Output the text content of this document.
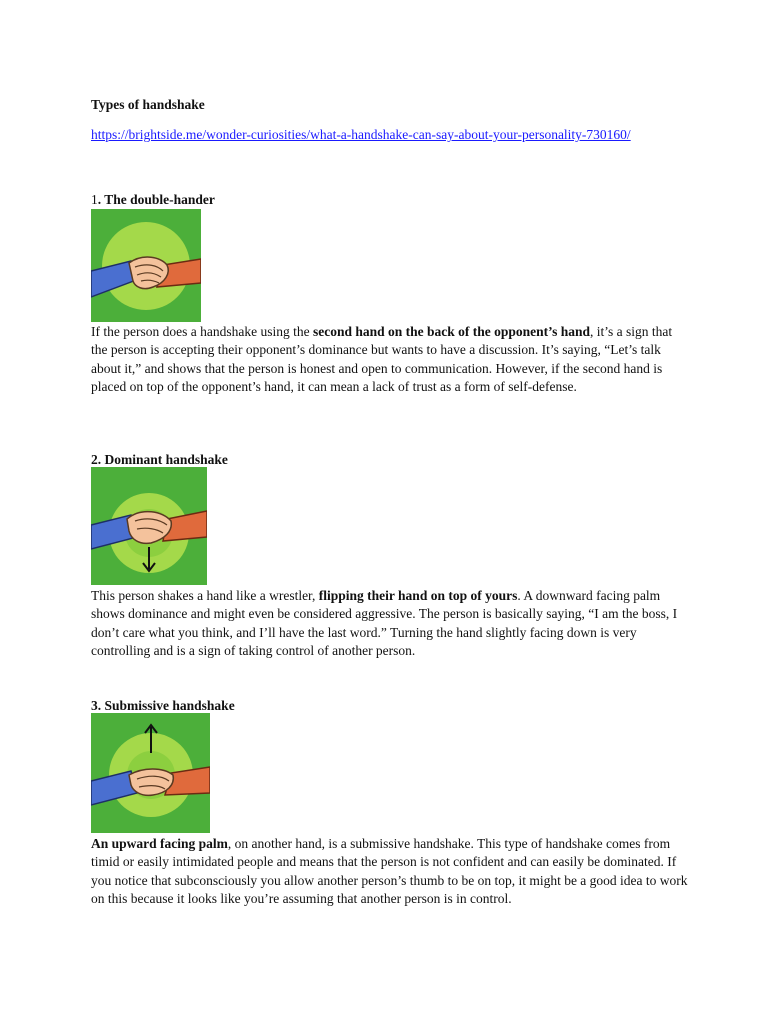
Types of handshake
https://brightside.me/wonder-curiosities/what-a-handshake-can-say-about-your-personality-730160/
1. The double-hander

If the person does a handshake using the second hand on the back of the opponent’s hand, it’s a sign that the person is accepting their opponent’s dominance but wants to have a discussion. It’s saying, “Let’s talk about it,” and shows that the person is honest and open to communication. However, if the second hand is placed on top of the opponent’s hand, it can mean a lack of trust as a form of self-defense.

2. Dominant handshake

This person shakes a hand like a wrestler, flipping their hand on top of yours. A downward facing palm shows dominance and might even be considered aggressive. The person is basically saying, “I am the boss, I don’t care what you think, and I’ll have the last word.” Turning the hand slightly facing down is very controlling and is a sign of taking control of another person.

3. Submissive handshake

An upward facing palm, on another hand, is a submissive handshake. This type of handshake comes from timid or easily intimidated people and means that the person is not confident and can easily be dominated. If you notice that subconsciously you allow another person’s thumb to be on top, it might be a good idea to work on this because it looks like you’re assuming that another person is in control.
